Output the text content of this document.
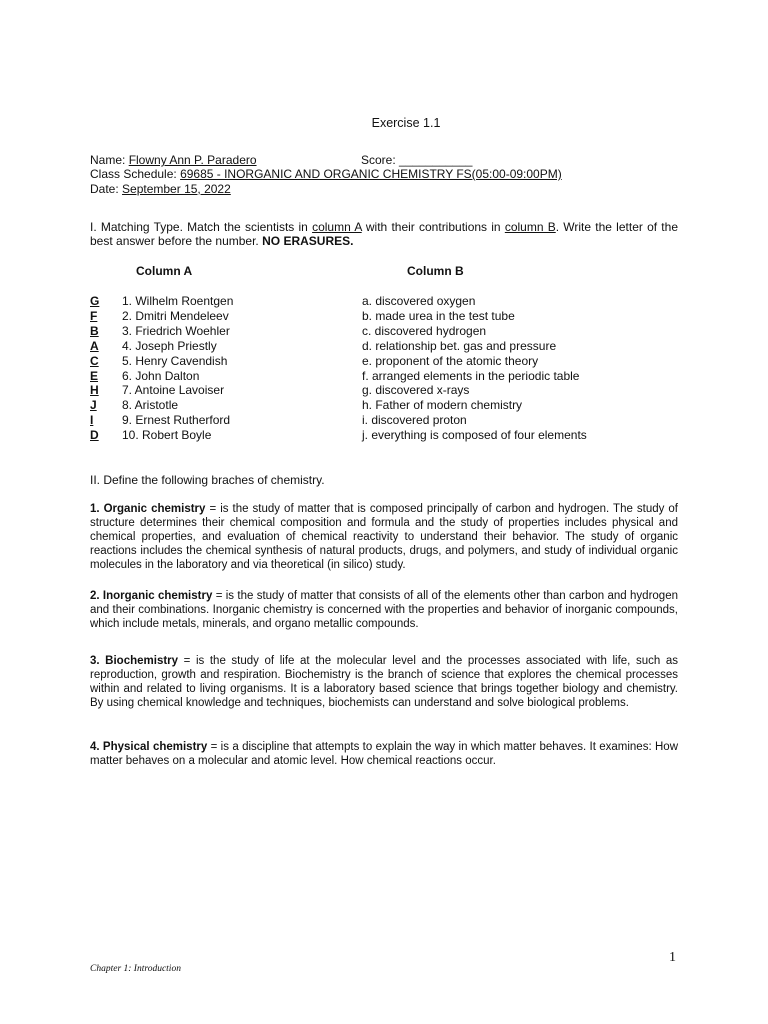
Exercise 1.1
Name: Flowny Ann P. Paradero	Score: ___________
Class Schedule: 69685 - INORGANIC AND ORGANIC CHEMISTRY FS(05:00-09:00PM)
Date: September 15, 2022
I. Matching Type. Match the scientists in column A with their contributions in column B. Write the letter of the best answer before the number. NO ERASURES.
Column A	Column B
G 1. Wilhelm Roentgen
F 2. Dmitri Mendeleev
B 3. Friedrich Woehler
A 4. Joseph Priestly
C 5. Henry Cavendish
E 6. John Dalton
H 7. Antoine Lavoiser
J 8. Aristotle
I 9. Ernest Rutherford
D 10. Robert Boyle
a. discovered oxygen
b. made urea in the test tube
c. discovered hydrogen
d. relationship bet. gas and pressure
e. proponent of the atomic theory
f. arranged elements in the periodic table
g. discovered x-rays
h. Father of modern chemistry
i. discovered proton
j. everything is composed of four elements
II. Define the following braches of chemistry.
1. Organic chemistry = is the study of matter that is composed principally of carbon and hydrogen. The study of structure determines their chemical composition and formula and the study of properties includes physical and chemical properties, and evaluation of chemical reactivity to understand their behavior. The study of organic reactions includes the chemical synthesis of natural products, drugs, and polymers, and study of individual organic molecules in the laboratory and via theoretical (in silico) study.
2. Inorganic chemistry = is the study of matter that consists of all of the elements other than carbon and hydrogen and their combinations. Inorganic chemistry is concerned with the properties and behavior of inorganic compounds, which include metals, minerals, and organo metallic compounds.
3. Biochemistry = is the study of life at the molecular level and the processes associated with life, such as reproduction, growth and respiration. Biochemistry is the branch of science that explores the chemical processes within and related to living organisms. It is a laboratory based science that brings together biology and chemistry. By using chemical knowledge and techniques, biochemists can understand and solve biological problems.
4. Physical chemistry = is a discipline that attempts to explain the way in which matter behaves. It examines: How matter behaves on a molecular and atomic level. How chemical reactions occur.
1
Chapter 1: Introduction
